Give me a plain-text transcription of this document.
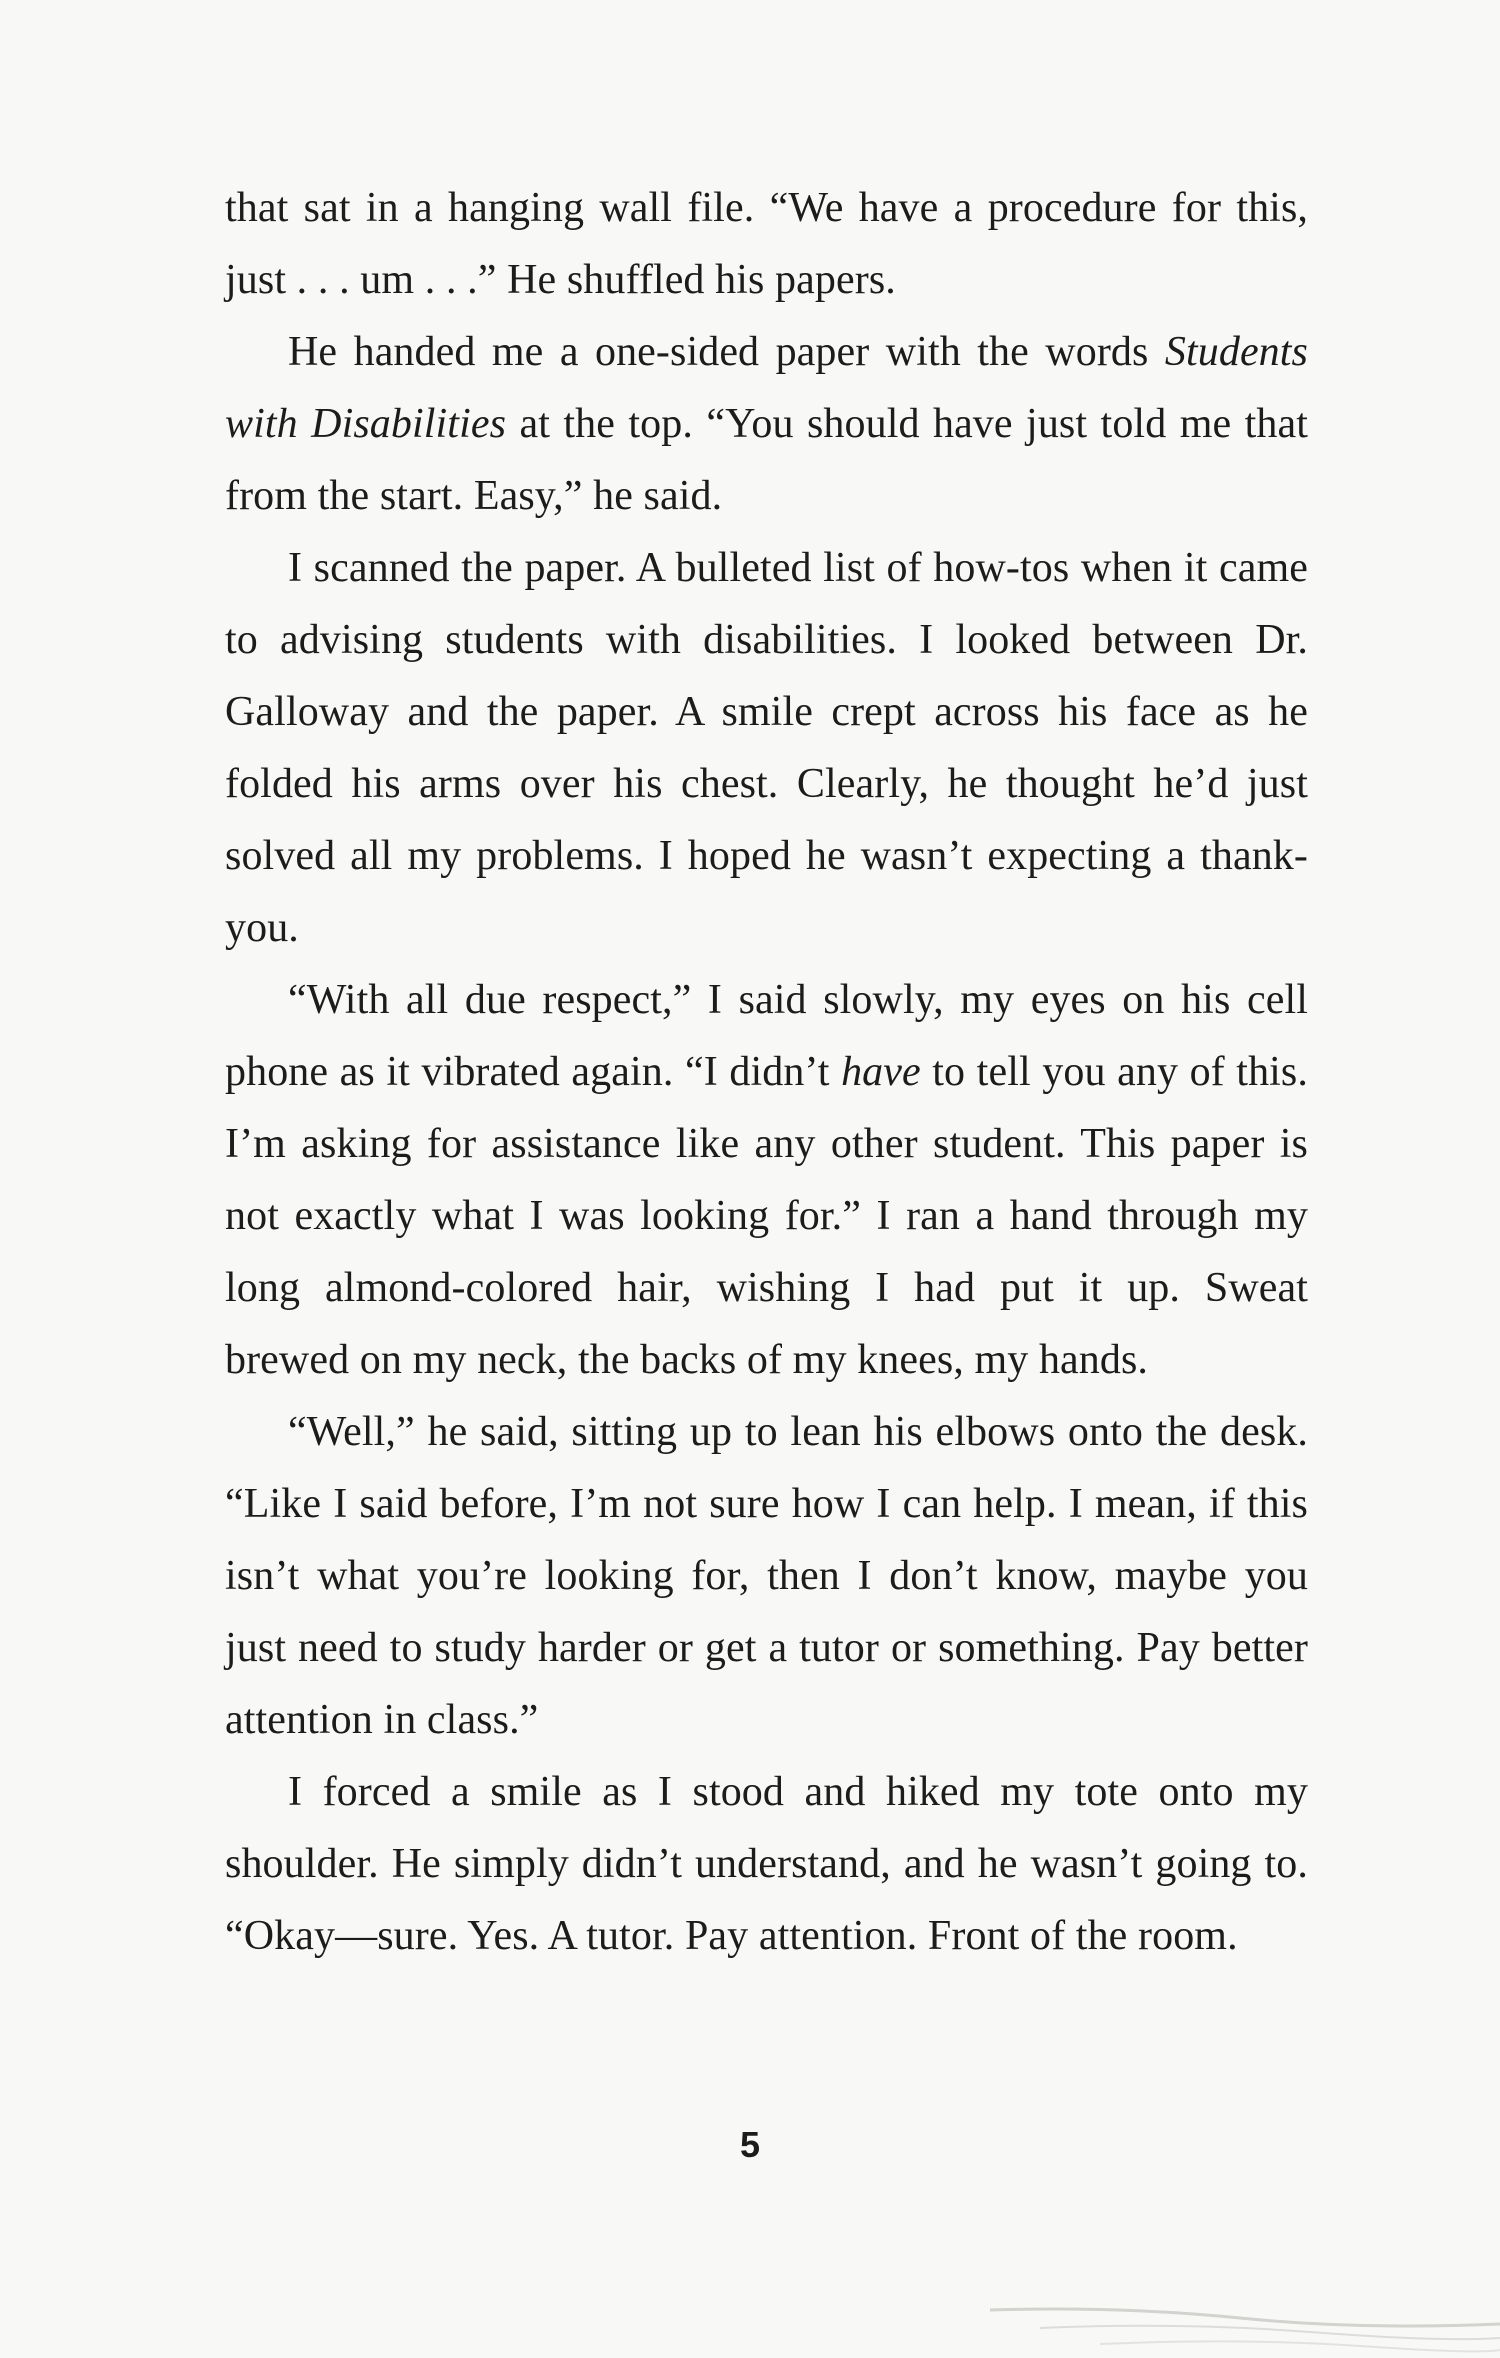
that sat in a hanging wall file. “We have a procedure for this, just . . . um . . .” He shuffled his papers.

He handed me a one-sided paper with the words Students with Disabilities at the top. “You should have just told me that from the start. Easy,” he said.

I scanned the paper. A bulleted list of how-tos when it came to advising students with disabilities. I looked between Dr. Galloway and the paper. A smile crept across his face as he folded his arms over his chest. Clearly, he thought he’d just solved all my problems. I hoped he wasn’t expecting a thank-you.

“With all due respect,” I said slowly, my eyes on his cell phone as it vibrated again. “I didn’t have to tell you any of this. I’m asking for assistance like any other student. This paper is not exactly what I was looking for.” I ran a hand through my long almond-colored hair, wishing I had put it up. Sweat brewed on my neck, the backs of my knees, my hands.

“Well,” he said, sitting up to lean his elbows onto the desk. “Like I said before, I’m not sure how I can help. I mean, if this isn’t what you’re looking for, then I don’t know, maybe you just need to study harder or get a tutor or something. Pay better attention in class.”

I forced a smile as I stood and hiked my tote onto my shoulder. He simply didn’t understand, and he wasn’t going to. “Okay—sure. Yes. A tutor. Pay attention. Front of the room.

5
